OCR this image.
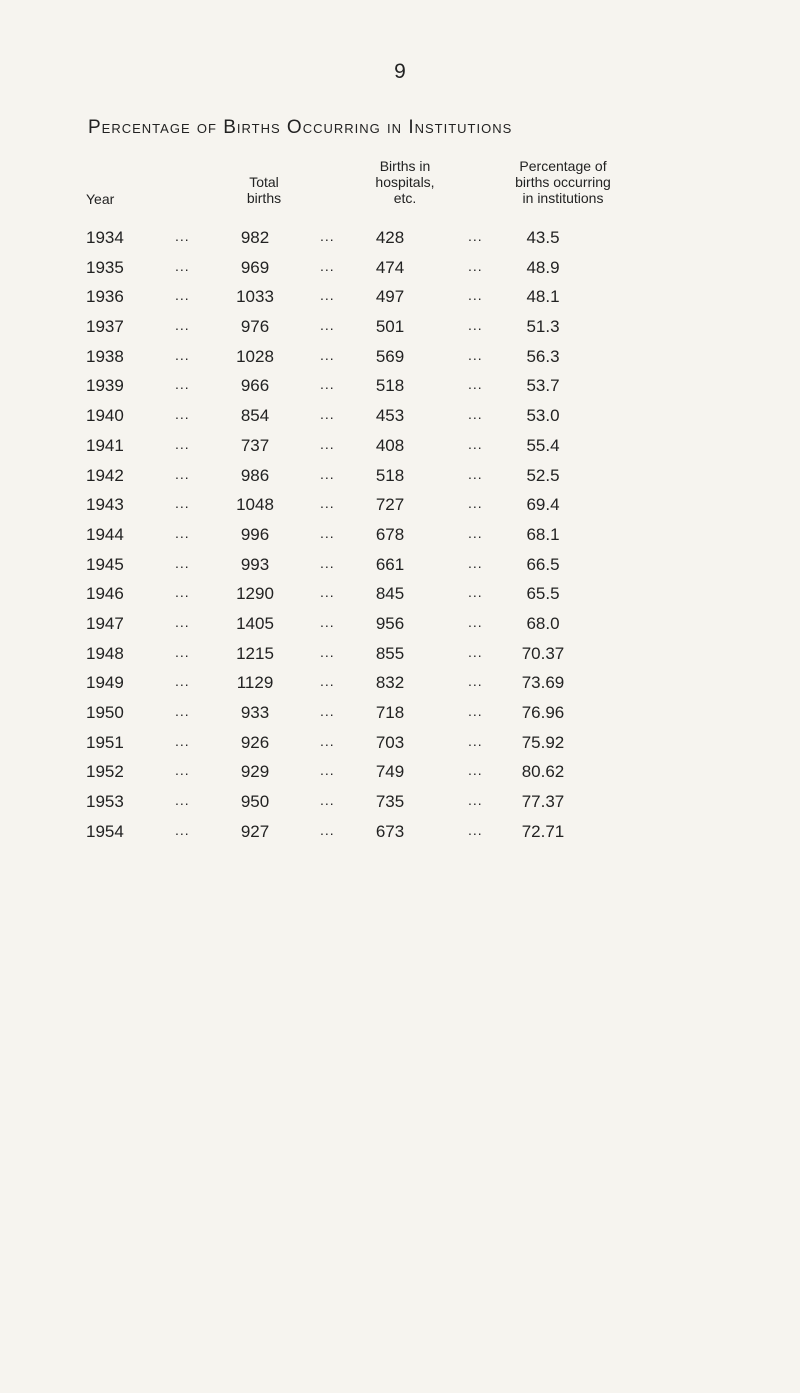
9
Percentage of Births Occurring in Institutions
Year
Total
births
Births in
hospitals,
etc.
Percentage of
births occurring
in institutions
1934	...	982	...	428	...	43.5
1935	...	969	...	474	...	48.9
1936	...	1033	...	497	...	48.1
1937	...	976	...	501	...	51.3
1938	...	1028	...	569	...	56.3
1939	...	966	...	518	...	53.7
1940	...	854	...	453	...	53.0
1941	...	737	...	408	...	55.4
1942	...	986	...	518	...	52.5
1943	...	1048	...	727	...	69.4
1944	...	996	...	678	...	68.1
1945	...	993	...	661	...	66.5
1946	...	1290	...	845	...	65.5
1947	...	1405	...	956	...	68.0
1948	...	1215	...	855	...	70.37
1949	...	1129	...	832	...	73.69
1950	...	933	...	718	...	76.96
1951	...	926	...	703	...	75.92
1952	...	929	...	749	...	80.62
1953	...	950	...	735	...	77.37
1954	...	927	...	673	...	72.71
